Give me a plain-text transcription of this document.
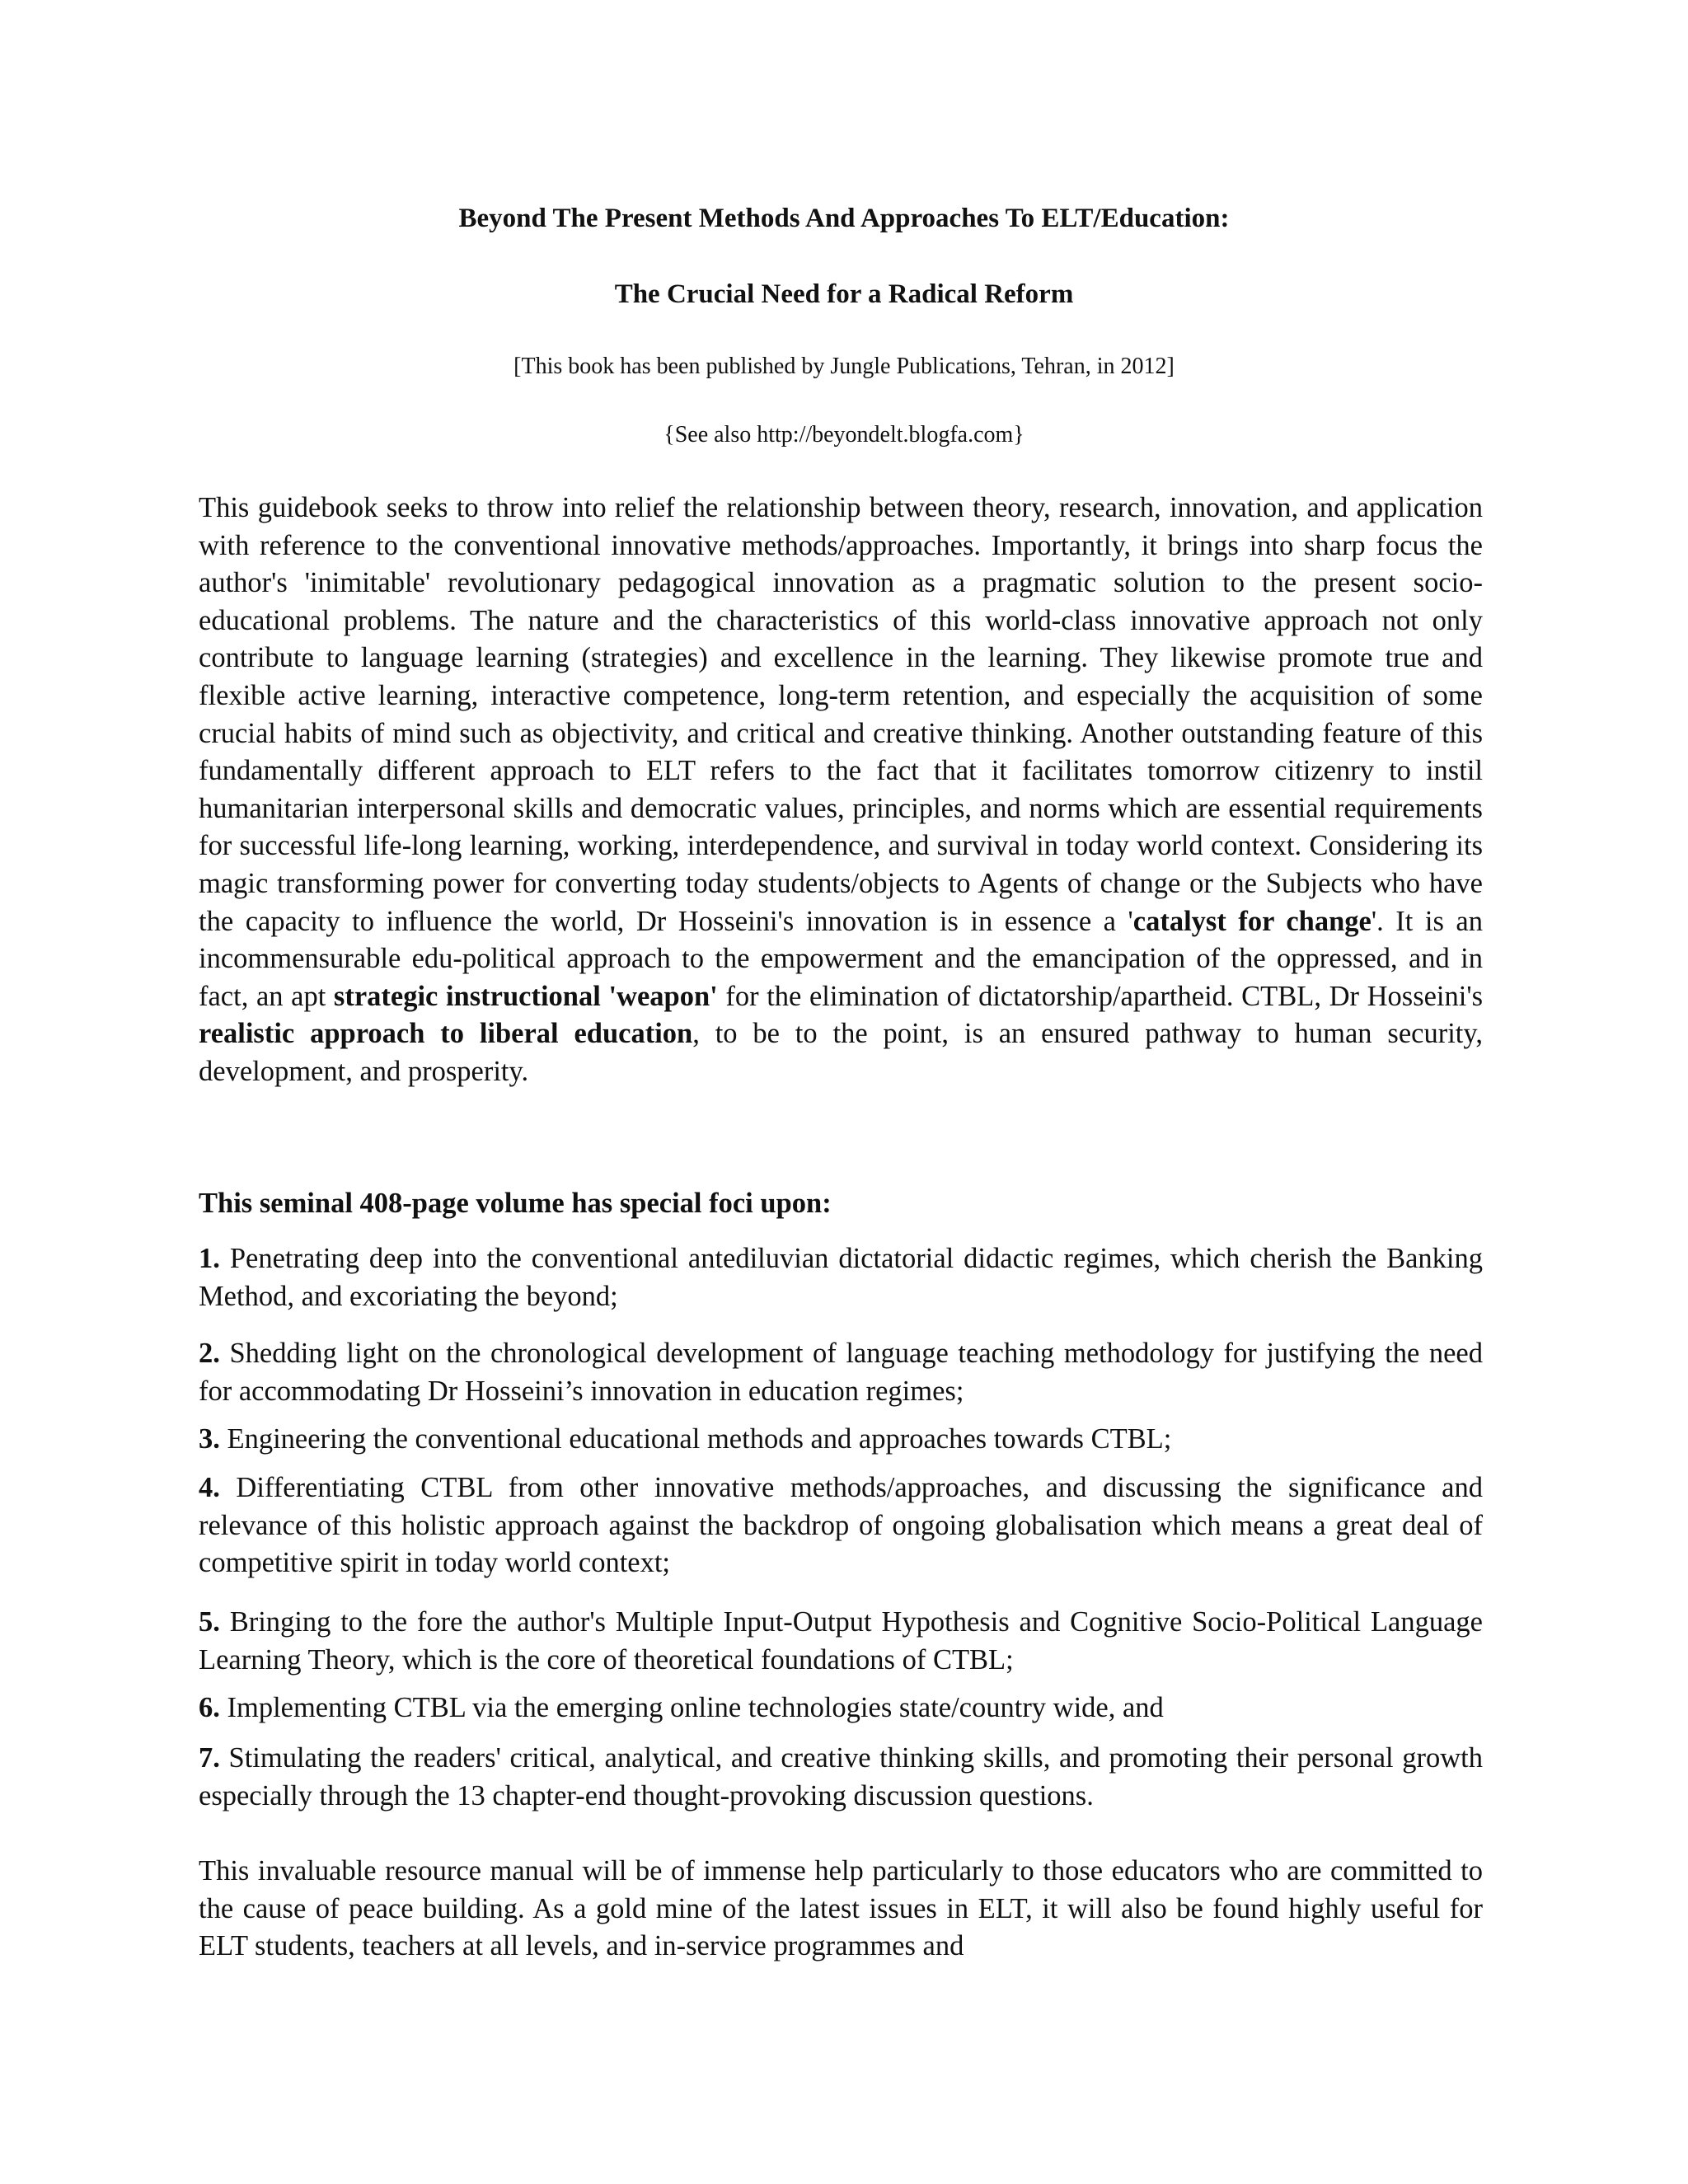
Beyond The Present Methods And Approaches To ELT/Education:
The Crucial Need for a Radical Reform

[This book has been published by Jungle Publications, Tehran, in 2012]

{See also http://beyondelt.blogfa.com}

This guidebook seeks to throw into relief the relationship between theory, research, innovation, and application with reference to the conventional innovative methods/approaches. Importantly, it brings into sharp focus the author's 'inimitable' revolutionary pedagogical innovation as a pragmatic solution to the present socio-educational problems. The nature and the characteristics of this world-class innovative approach not only contribute to language learning (strategies) and excellence in the learning. They likewise promote true and flexible active learning, interactive competence, long-term retention, and especially the acquisition of some crucial habits of mind such as objectivity, and critical and creative thinking. Another outstanding feature of this fundamentally different approach to ELT refers to the fact that it facilitates tomorrow citizenry to instil humanitarian interpersonal skills and democratic values, principles, and norms which are essential requirements for successful life-long learning, working, interdependence, and survival in today world context. Considering its magic transforming power for converting today students/objects to Agents of change or the Subjects who have the capacity to influence the world, Dr Hosseini's innovation is in essence a 'catalyst for change'. It is an incommensurable edu-political approach to the empowerment and the emancipation of the oppressed, and in fact, an apt strategic instructional 'weapon' for the elimination of dictatorship/apartheid. CTBL, Dr Hosseini's realistic approach to liberal education, to be to the point, is an ensured pathway to human security, development, and prosperity.

This seminal 408-page volume has special foci upon:

1. Penetrating deep into the conventional antediluvian dictatorial didactic regimes, which cherish the Banking Method, and excoriating the beyond;

2. Shedding light on the chronological development of language teaching methodology for justifying the need for accommodating Dr Hosseini’s innovation in education regimes;

3. Engineering the conventional educational methods and approaches towards CTBL;

4. Differentiating CTBL from other innovative methods/approaches, and discussing the significance and relevance of this holistic approach against the backdrop of ongoing globalisation which means a great deal of competitive spirit in today world context;

5. Bringing to the fore the author's Multiple Input-Output Hypothesis and Cognitive Socio-Political Language Learning Theory, which is the core of theoretical foundations of CTBL;

6. Implementing CTBL via the emerging online technologies state/country wide, and

7. Stimulating the readers' critical, analytical, and creative thinking skills, and promoting their personal growth especially through the 13 chapter-end thought-provoking discussion questions.

This invaluable resource manual will be of immense help particularly to those educators who are committed to the cause of peace building. As a gold mine of the latest issues in ELT, it will also be found highly useful for ELT students, teachers at all levels, and in-service programmes and
